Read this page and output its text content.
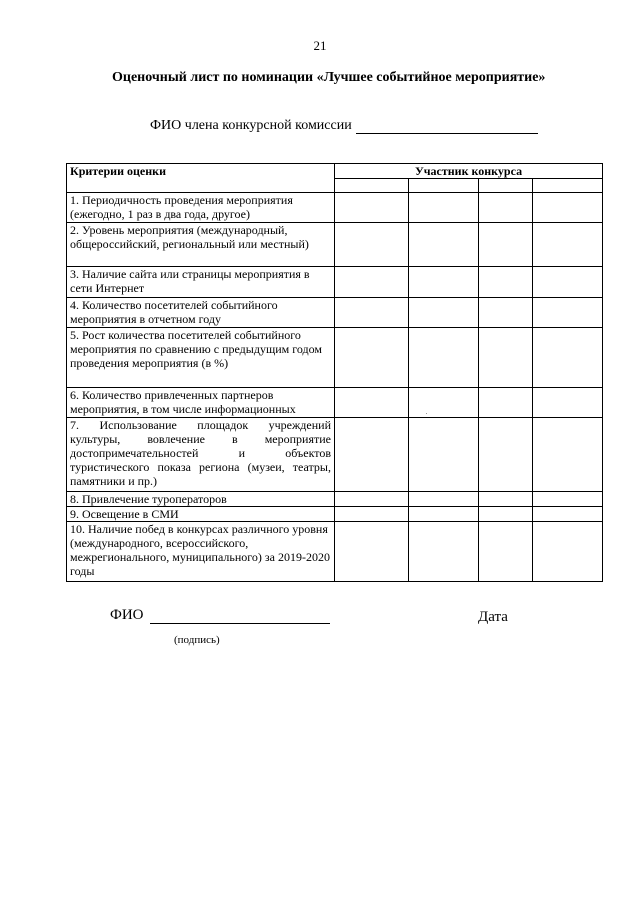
21
Оценочный лист по номинации «Лучшее событийное мероприятие»
ФИО члена конкурсной комиссии
Критерии оценки	Участник конкурса			

1. Периодичность проведения мероприятия (ежегодно, 1 раз в два года, другое)				
2. Уровень мероприятия (международный, общероссийский, региональный или местный)				
3. Наличие сайта или страницы мероприятия в сети Интернет				
4. Количество посетителей событийного мероприятия в отчетном году				
5. Рост количества посетителей событийного мероприятия по сравнению с предыдущим годом проведения мероприятия (в %)				
6. Количество привлеченных партнеров мероприятия, в том числе информационных				
7. Использование площадок учреждений культуры, вовлечение в мероприятие достопримечательностей и объектов туристического показа региона (музеи, театры, памятники и пр.)				
8. Привлечение туроператоров				
9. Освещение в СМИ				
10. Наличие побед в конкурсах различного уровня (международного, всероссийского, межрегионального, муниципального) за 2019-2020 годы				
ФИО	Дата
(подпись)
